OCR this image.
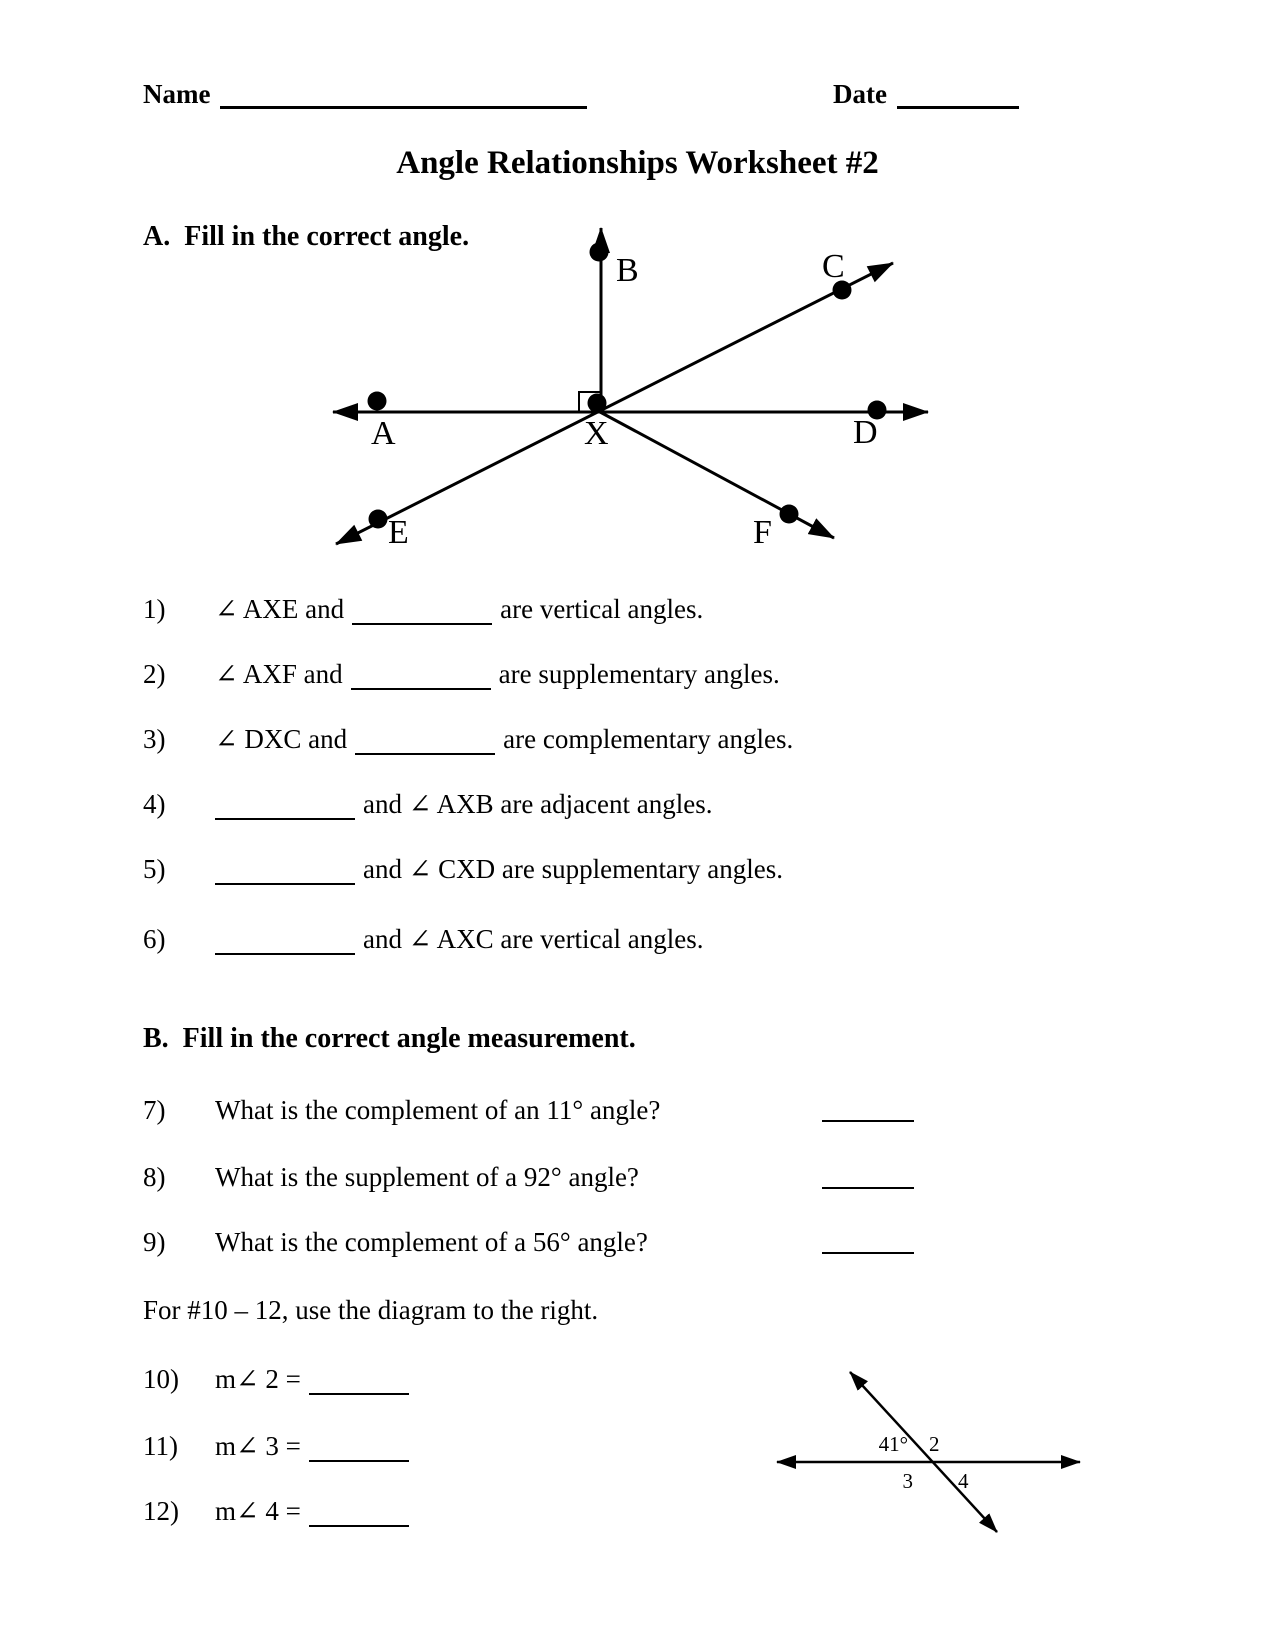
Name	Date
Angle Relationships Worksheet #2
A.  Fill in the correct angle.
A
B	C
D
E	F
X
1) ∠ AXE and	are vertical angles.
2) ∠ AXF and	are supplementary angles.
3) ∠ DXC and	are complementary angles.
4)	and ∠ AXB are adjacent angles.
5)	and ∠ CXD are supplementary angles.
6)	and ∠ AXC are vertical angles.
B.  Fill in the correct angle measurement.
7) What is the complement of an 11° angle?
8) What is the supplement of a 92° angle?
9) What is the complement of a 56° angle?
For #10 – 12, use the diagram to the right.
10) m∠ 2 =
11) m∠ 3 =
12) m∠ 4 =
41° 2
3 4
